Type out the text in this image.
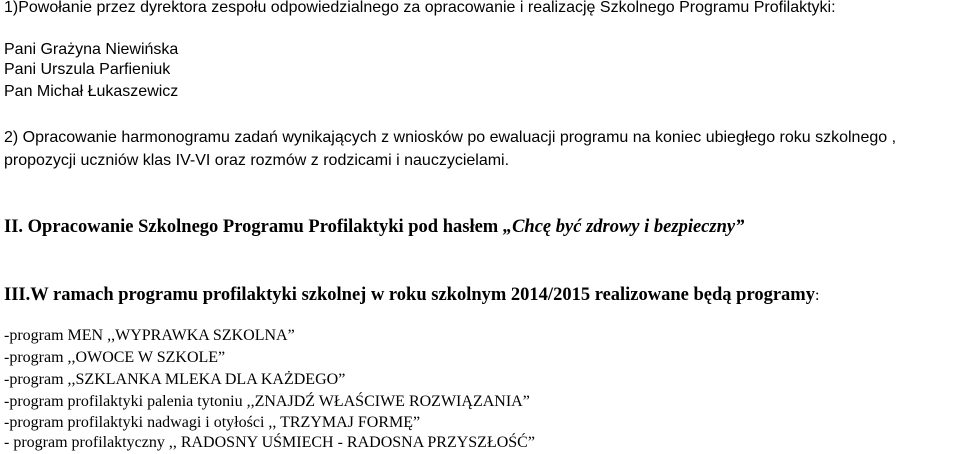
1)Powołanie przez dyrektora zespołu odpowiedzialnego za opracowanie i realizację Szkolnego Programu Profilaktyki:
Pani Grażyna Niewińska
Pani Urszula Parfieniuk
Pan Michał Łukaszewicz
2) Opracowanie harmonogramu zadań wynikających z wniosków po ewaluacji programu na koniec ubiegłego roku szkolnego ,
propozycji uczniów klas IV-VI oraz rozmów z rodzicami i nauczycielami.
II. Opracowanie Szkolnego Programu Profilaktyki pod hasłem „Chcę być zdrowy i bezpieczny”
III.W ramach programu profilaktyki szkolnej w roku szkolnym 2014/2015 realizowane będą programy:
-program MEN ,,WYPRAWKA SZKOLNA”
-program ,,OWOCE W SZKOLE”
-program ,,SZKLANKA MLEKA DLA KAŻDEGO”
-program profilaktyki palenia tytoniu ,,ZNAJDŹ WŁAŚCIWE ROZWIĄZANIA”
-program profilaktyki nadwagi i otyłości ,, TRZYMAJ FORMĘ”
- program profilaktyczny ,, RADOSNY UŚMIECH - RADOSNA PRZYSZŁOŚĆ”
